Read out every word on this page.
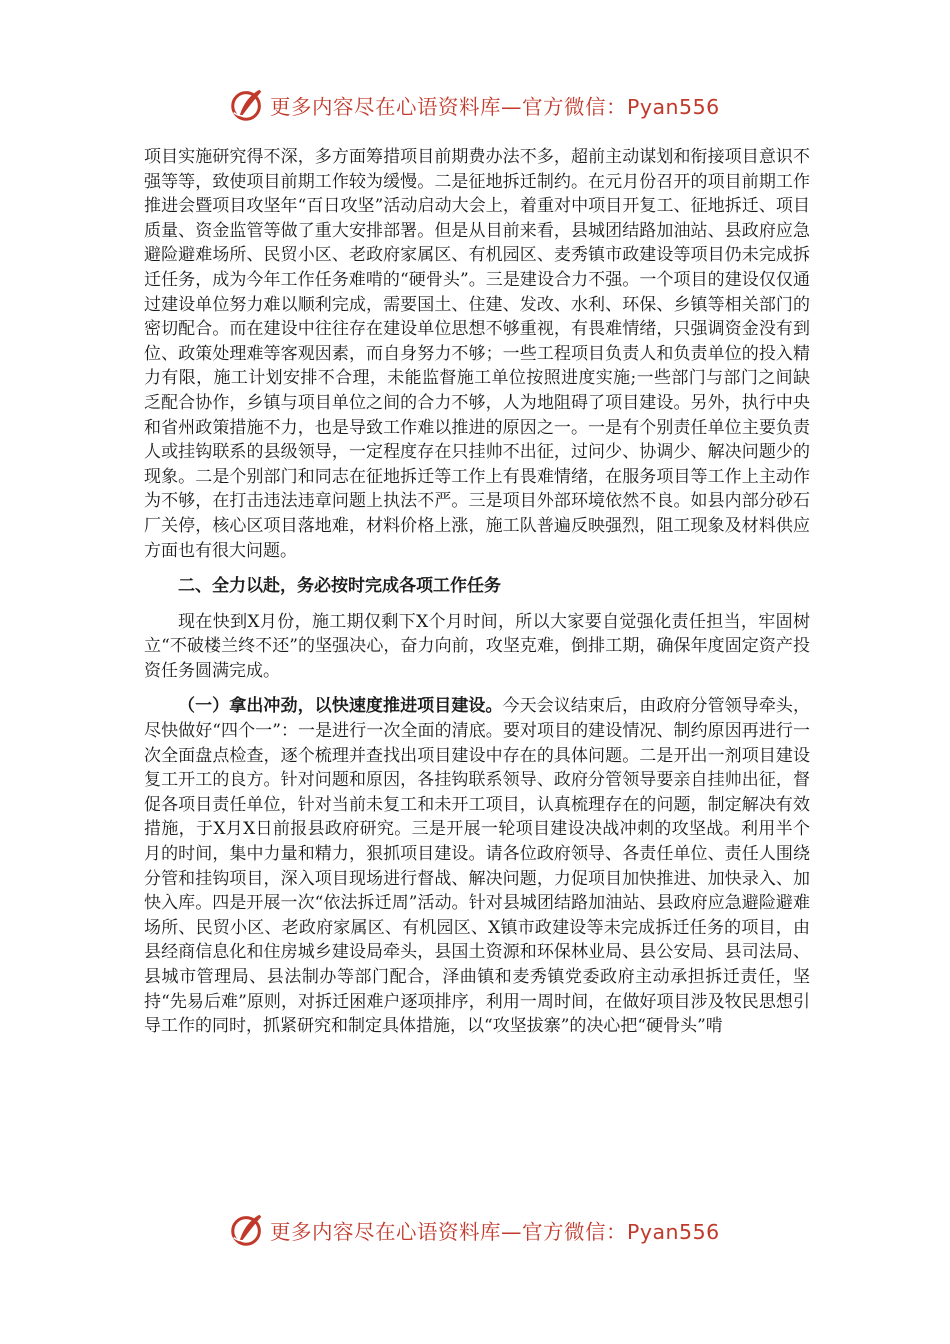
更多内容尽在心语资料库—官方微信：Pyan556

项目实施研究得不深，多方面筹措项目前期费办法不多，超前主动谋划和衔接项目意识不强等等，致使项目前期工作较为缓慢。二是征地拆迁制约。在元月份召开的项目前期工作推进会暨项目攻坚年“百日攻坚”活动启动大会上，着重对中项目开复工、征地拆迁、项目质量、资金监管等做了重大安排部署。但是从目前来看，县城团结路加油站、县政府应急避险避难场所、民贸小区、老政府家属区、有机园区、麦秀镇市政建设等项目仍未完成拆迁任务，成为今年工作任务难啃的“硬骨头”。三是建设合力不强。一个项目的建设仅仅通过建设单位努力难以顺利完成，需要国土、住建、发改、水利、环保、乡镇等相关部门的密切配合。而在建设中往往存在建设单位思想不够重视，有畏难情绪，只强调资金没有到位、政策处理难等客观因素，而自身努力不够；一些工程项目负责人和负责单位的投入精力有限，施工计划安排不合理，未能监督施工单位按照进度实施;一些部门与部门之间缺乏配合协作，乡镇与项目单位之间的合力不够，人为地阻碍了项目建设。另外，执行中央和省州政策措施不力，也是导致工作难以推进的原因之一。一是有个别责任单位主要负责人或挂钩联系的县级领导，一定程度存在只挂帅不出征，过问少、协调少、解决问题少的现象。二是个别部门和同志在征地拆迁等工作上有畏难情绪，在服务项目等工作上主动作为不够，在打击违法违章问题上执法不严。三是项目外部环境依然不良。如县内部分砂石厂关停，核心区项目落地难，材料价格上涨，施工队普遍反映强烈，阻工现象及材料供应方面也有很大问题。

二、全力以赴，务必按时完成各项工作任务

现在快到X月份，施工期仅剩下X个月时间，所以大家要自觉强化责任担当，牢固树立“不破楼兰终不还”的坚强决心，奋力向前，攻坚克难，倒排工期，确保年度固定资产投资任务圆满完成。

（一）拿出冲劲，以快速度推进项目建设。今天会议结束后，由政府分管领导牵头，尽快做好“四个一”：一是进行一次全面的清底。要对项目的建设情况、制约原因再进行一次全面盘点检查，逐个梳理并查找出项目建设中存在的具体问题。二是开出一剂项目建设复工开工的良方。针对问题和原因，各挂钩联系领导、政府分管领导要亲自挂帅出征，督促各项目责任单位，针对当前未复工和未开工项目，认真梳理存在的问题，制定解决有效措施，于X月X日前报县政府研究。三是开展一轮项目建设决战冲刺的攻坚战。利用半个月的时间，集中力量和精力，狠抓项目建设。请各位政府领导、各责任单位、责任人围绕分管和挂钩项目，深入项目现场进行督战、解决问题，力促项目加快推进、加快录入、加快入库。四是开展一次“依法拆迁周”活动。针对县城团结路加油站、县政府应急避险避难场所、民贸小区、老政府家属区、有机园区、X镇市政建设等未完成拆迁任务的项目，由县经商信息化和住房城乡建设局牵头，县国土资源和环保林业局、县公安局、县司法局、县城市管理局、县法制办等部门配合，泽曲镇和麦秀镇党委政府主动承担拆迁责任，坚持“先易后难”原则，对拆迁困难户逐项排序，利用一周时间，在做好项目涉及牧民思想引导工作的同时，抓紧研究和制定具体措施，以“攻坚拔寨”的决心把“硬骨头”啃

更多内容尽在心语资料库—官方微信：Pyan556
